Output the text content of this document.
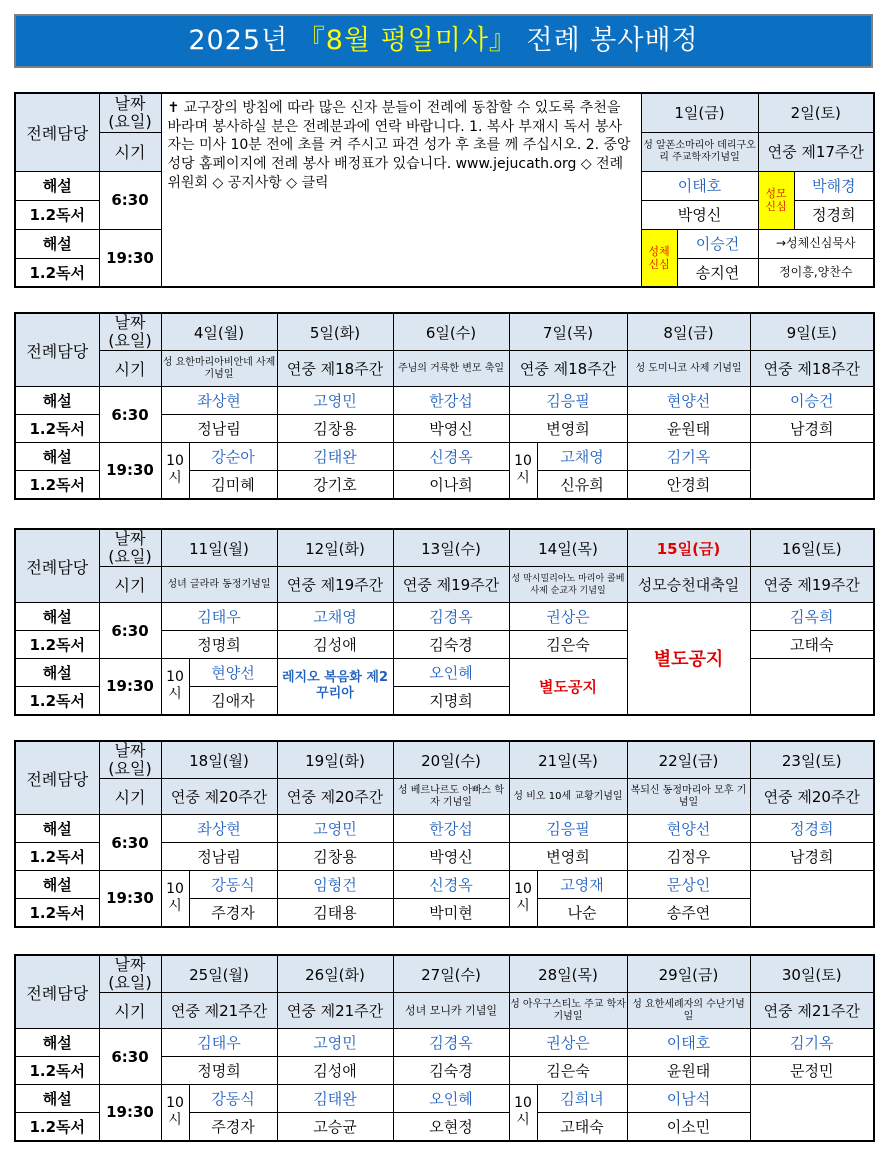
2025년 『8월 평일미사』 전례 봉사배정
전례담당	날짜
(요일)	✝ 교구장의 방침에 따라 많은 신자 분들이 전례에 동참할 수 있도록 추천을 바라며 봉사하실 분은 전례분과에 연락 바랍니다. 1. 복사 부재시 독서 봉사자는 미사 10분 전에 초를 켜 주시고 파견 성가 후 초를 께 주십시오. 2. 중앙성당 홈페이지에 전례 봉사 배정표가 있습니다. www.jejucath.org ◇ 전례위원회 ◇ 공지사항 ◇ 클릭	1일(금)		2일(토)	
	시기		성 알폰소마리아 데리구오리 주교학자기념일		연중 제17주간	
해설	6:30		이태호		성모 신심	박해경
1.2독서			박영신			정경희
해설	19:30		성체 신심	이승건	→성체신심묵사	
1.2독서				송지연	정이흥,양찬수	
전례담당	날짜
(요일)	4일(월)		5일(화)	6일(수)	7일(목)		8일(금)	9일(토)
	시기	성 요한마리아비안네 사제기념일		연중 제18주간	주님의 거룩한 변모 축일	연중 제18주간		성 도미니코 사제 기념일	연중 제18주간
해설	6:30	좌상현		고영민	한강섭	김응필		현양선	이승건
1.2독서		정남림		김창용	박영신	변영희		윤원태	남경희
해설	19:30	10 시	강순아	김태완	신경옥	10 시	고채영	김기옥	
1.2독서			김미혜	강기호	이나희		신유희	안경희	
전례담당	날짜
(요일)	11일(월)		12일(화)	13일(수)	14일(목)	15일(금)	16일(토)
	시기	성녀 글라라 동정기념일		연중 제19주간	연중 제19주간	성 막시밀리아노 마리아 콜베사제 순교자 기념일	성모승천대축일	연중 제19주간
해설	6:30	김태우		고채영	김경옥	권상은	별도공지	김옥희
1.2독서		정명희		김성애	김숙경	김은숙		고태숙
해설	19:30	10 시	현양선	레지오 복음화 제2꾸리아	오인혜	별도공지		
1.2독서			김애자		지명희			
전례담당	날짜
(요일)	18일(월)		19일(화)	20일(수)	21일(목)		22일(금)	23일(토)
	시기	연중 제20주간		연중 제20주간	성 베르나르도 아빠스 학자 기념일	성 비오 10세 교황기념일		복되신 동정마리아 모후 기념일	연중 제20주간
해설	6:30	좌상현		고영민	한강섭	김응필		현양선	정경희
1.2독서		정남림		김창용	박영신	변영희		김정우	남경희
해설	19:30	10 시	강동식	임형건	신경옥	10 시	고영재	문상인	
1.2독서			주경자	김태용	박미현		나순	송주연	
전례담당	날짜
(요일)	25일(월)		26일(화)	27일(수)	28일(목)		29일(금)	30일(토)
	시기	연중 제21주간		연중 제21주간	성녀 모니카 기념일	성 아우구스티노 주교 학자 기념일		성 요한세례자의 수난기념일	연중 제21주간
해설	6:30	김태우		고영민	김경옥	권상은		이태호	김기옥
1.2독서		정명희		김성애	김숙경	김은숙		윤원태	문정민
해설	19:30	10 시	강동식	김태완	오인혜	10 시	김희녀	이남석	
1.2독서			주경자	고승균	오현정		고태숙	이소민	
